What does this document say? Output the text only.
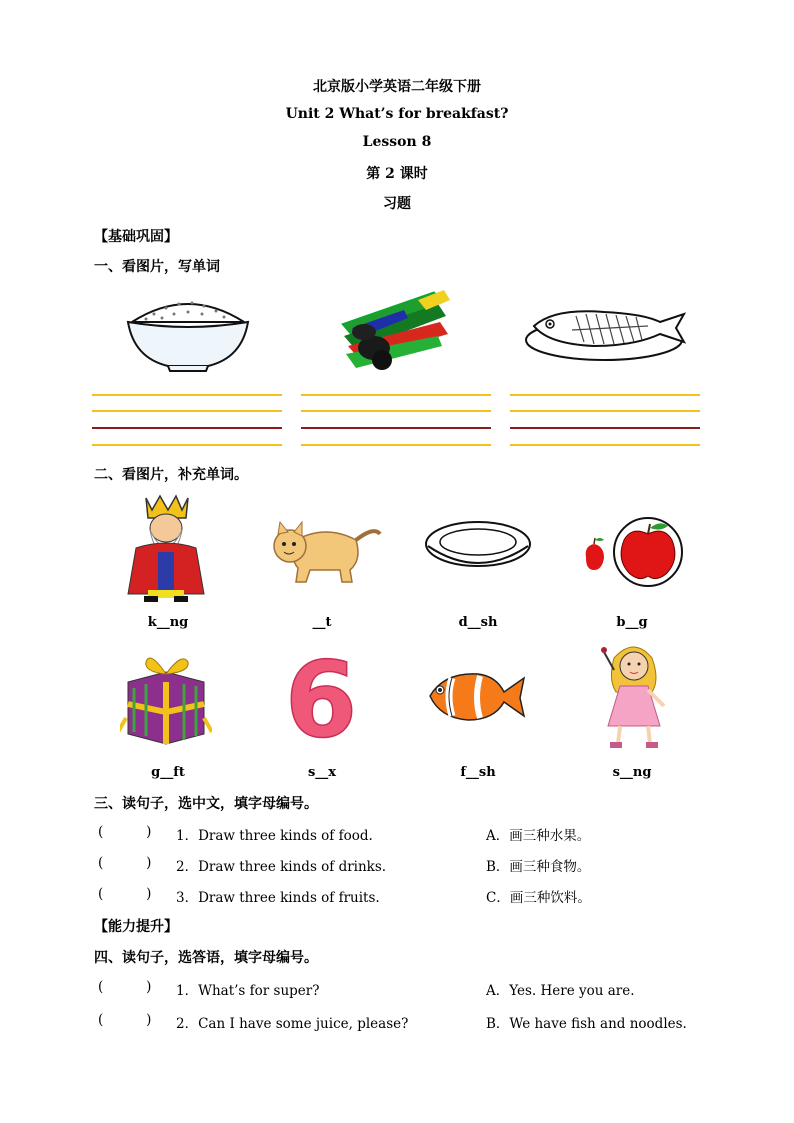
北京版小学英语二年级下册
Unit 2 What’s for breakfast?
Lesson 8
第 2 课时
习题
【基础巩固】
一、看图片，写单词
二、看图片，补充单词。
k__ng	__t	d__sh	b__g
6
g__ft	s__x	f__sh	s__ng
三、读句子，选中文，填字母编号。
(          ) 1．Draw three kinds of food.	A．画三种水果。
(          ) 2．Draw three kinds of drinks.	B．画三种食物。
(          ) 3．Draw three kinds of fruits.	C．画三种饮料。
【能力提升】
四、读句子，选答语，填字母编号。
(          ) 1．What’s for super?	A．Yes. Here you are.
(          ) 2．Can I have some juice, please?	B．We have fish and noodles.
